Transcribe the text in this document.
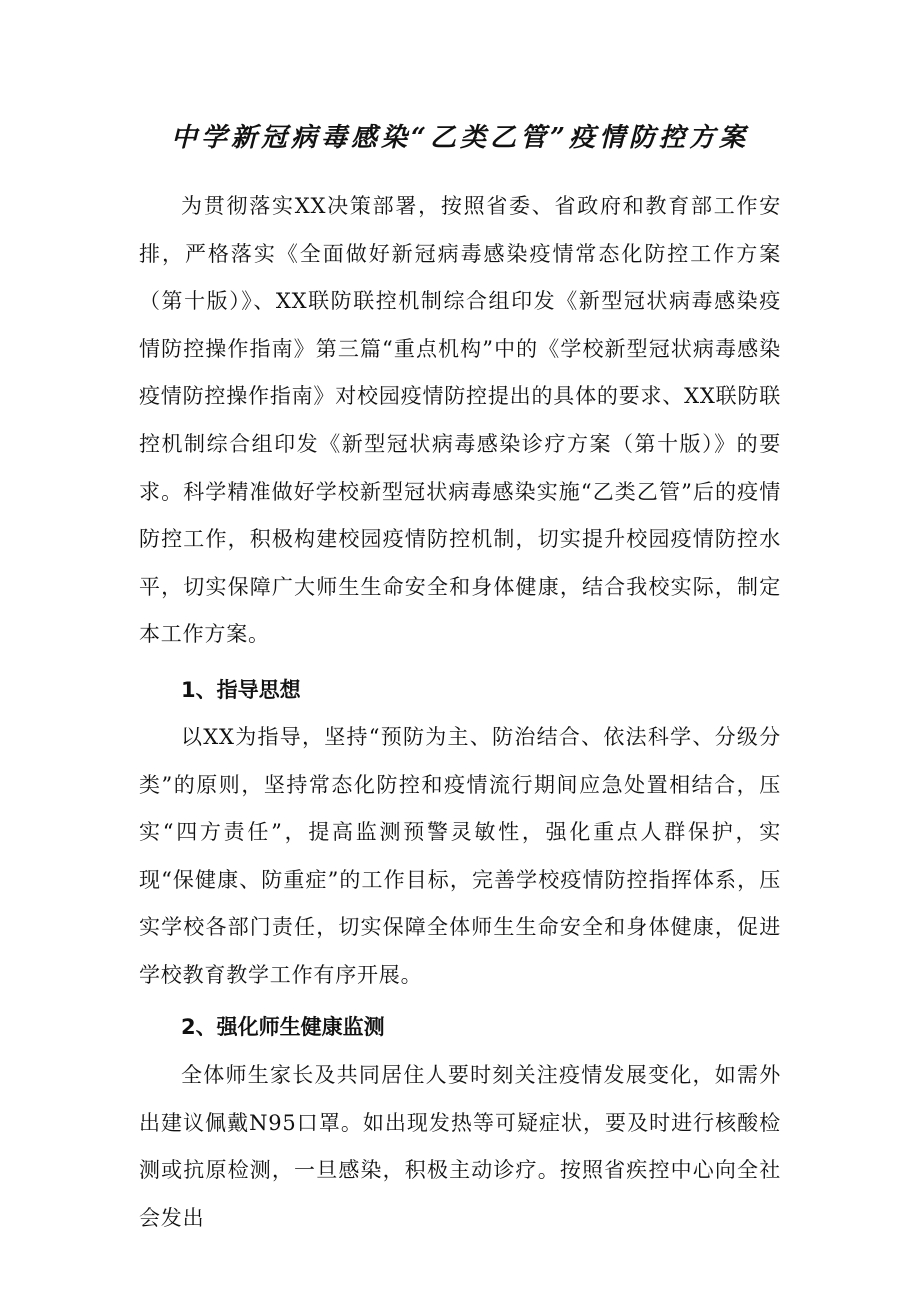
中学新冠病毒感染“乙类乙管”疫情防控方案
为贯彻落实XX决策部署，按照省委、省政府和教育部工作安排，严格落实《全面做好新冠病毒感染疫情常态化防控工作方案（第十版）》、XX联防联控机制综合组印发《新型冠状病毒感染疫情防控操作指南》第三篇“重点机构”中的《学校新型冠状病毒感染疫情防控操作指南》对校园疫情防控提出的具体的要求、XX联防联控机制综合组印发《新型冠状病毒感染诊疗方案（第十版）》的要求。科学精准做好学校新型冠状病毒感染实施“乙类乙管”后的疫情防控工作，积极构建校园疫情防控机制，切实提升校园疫情防控水平，切实保障广大师生生命安全和身体健康，结合我校实际，制定本工作方案。
1、指导思想
以XX为指导，坚持“预防为主、防治结合、依法科学、分级分类”的原则，坚持常态化防控和疫情流行期间应急处置相结合，压实“四方责任”，提高监测预警灵敏性，强化重点人群保护，实现“保健康、防重症”的工作目标，完善学校疫情防控指挥体系，压实学校各部门责任，切实保障全体师生生命安全和身体健康，促进学校教育教学工作有序开展。
2、强化师生健康监测
全体师生家长及共同居住人要时刻关注疫情发展变化，如需外出建议佩戴N95口罩。如出现发热等可疑症状，要及时进行核酸检测或抗原检测，一旦感染，积极主动诊疗。按照省疾控中心向全社会发出
